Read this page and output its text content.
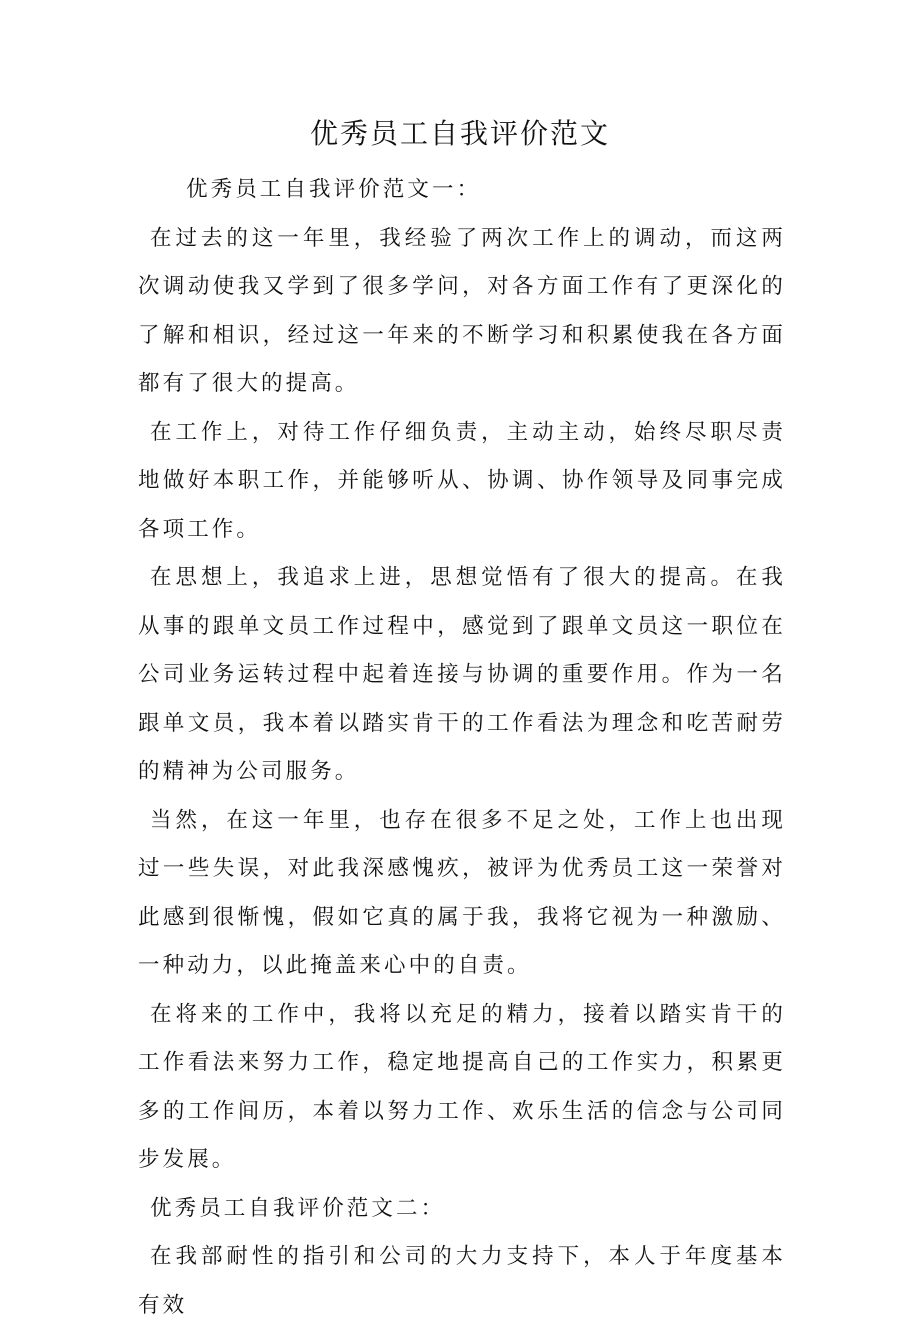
优秀员工自我评价范文

优秀员工自我评价范文一：

在过去的这一年里，我经验了两次工作上的调动，而这两次调动使我又学到了很多学问，对各方面工作有了更深化的了解和相识，经过这一年来的不断学习和积累使我在各方面都有了很大的提高。

在工作上，对待工作仔细负责，主动主动，始终尽职尽责地做好本职工作，并能够听从、协调、协作领导及同事完成各项工作。

在思想上，我追求上进，思想觉悟有了很大的提高。在我从事的跟单文员工作过程中，感觉到了跟单文员这一职位在公司业务运转过程中起着连接与协调的重要作用。作为一名跟单文员，我本着以踏实肯干的工作看法为理念和吃苦耐劳的精神为公司服务。

当然，在这一年里，也存在很多不足之处，工作上也出现过一些失误，对此我深感愧疚，被评为优秀员工这一荣誉对此感到很惭愧，假如它真的属于我，我将它视为一种激励、一种动力，以此掩盖来心中的自责。

在将来的工作中，我将以充足的精力，接着以踏实肯干的工作看法来努力工作，稳定地提高自己的工作实力，积累更多的工作间历，本着以努力工作、欢乐生活的信念与公司同步发展。

优秀员工自我评价范文二：

在我部耐性的指引和公司的大力支持下，本人于年度基本有效
